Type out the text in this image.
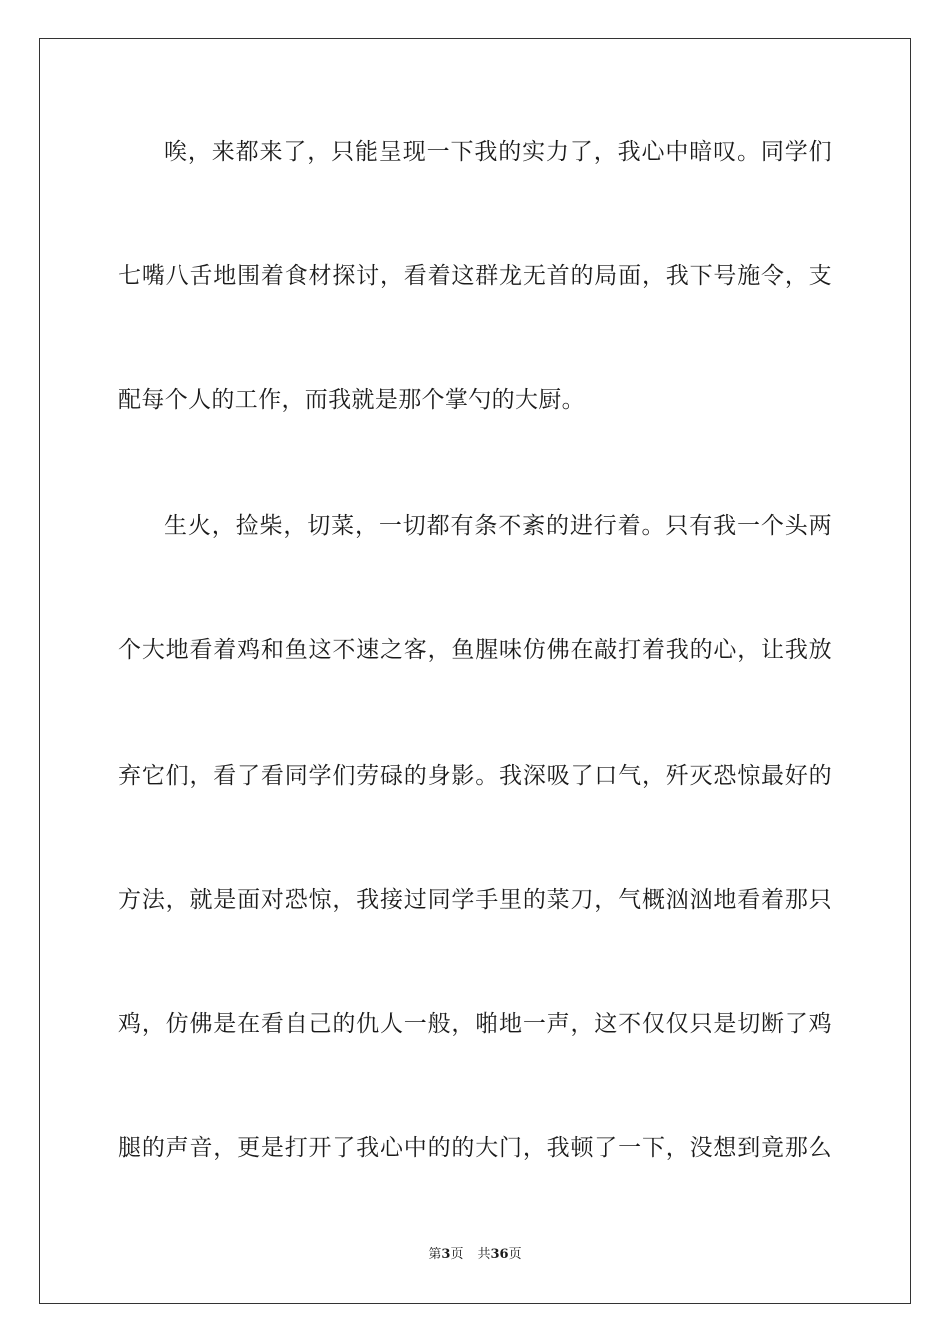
唉，来都来了，只能呈现一下我的实力了，我心中暗叹。同学们
七嘴八舌地围着食材探讨，看着这群龙无首的局面，我下号施令，支
配每个人的工作，而我就是那个掌勺的大厨。
生火，捡柴，切菜，一切都有条不紊的进行着。只有我一个头两
个大地看着鸡和鱼这不速之客，鱼腥味仿佛在敲打着我的心，让我放
弃它们，看了看同学们劳碌的身影。我深吸了口气，歼灭恐惊最好的
方法，就是面对恐惊，我接过同学手里的菜刀，气概汹汹地看着那只
鸡，仿佛是在看自己的仇人一般，啪地一声，这不仅仅只是切断了鸡
腿的声音，更是打开了我心中的的大门，我顿了一下，没想到竟那么
第3页 共36页
